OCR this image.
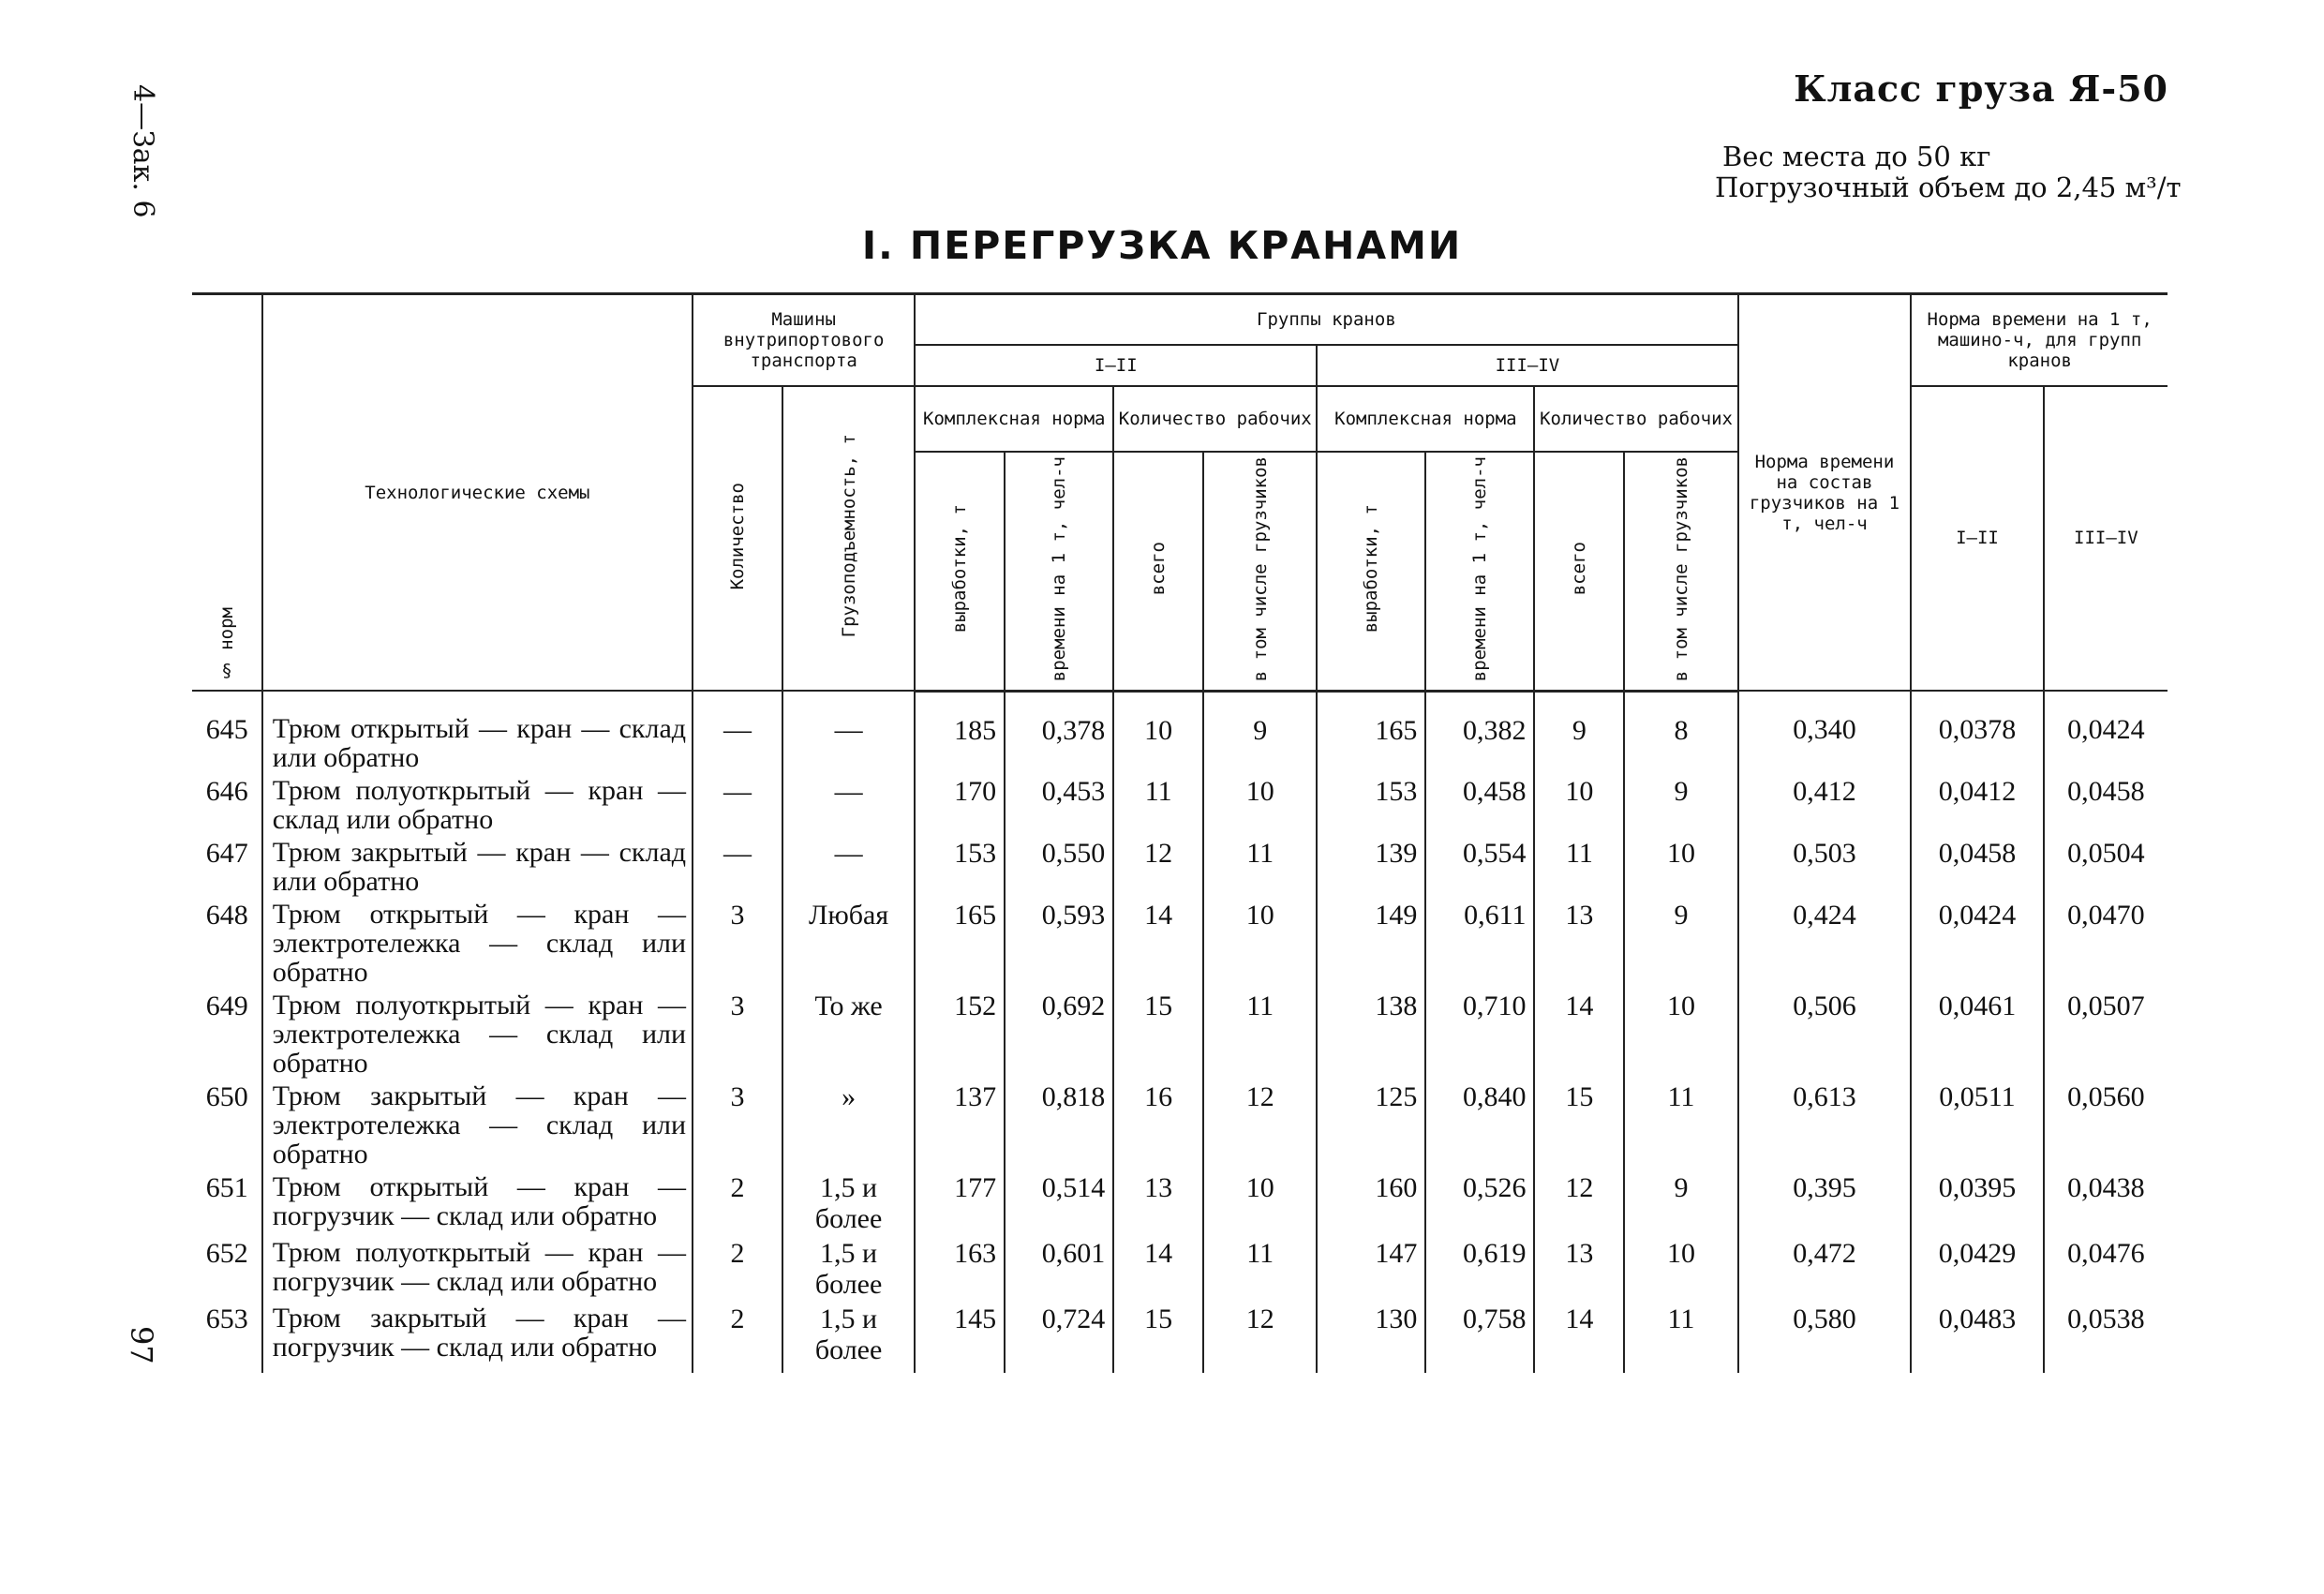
4—Зак. 6
97
Класс груза Я-50
Вес места до 50 кг
Погрузочный объем до 2,45 м³/т
I. ПЕРЕГРУЗКА КРАНАМИ
§ норм	Технологические схемы	Машины внутрипортового транспорта		Группы кранов								Норма времени на состав грузчиков на 1 т, чел-ч	Норма времени на 1 т, машино-ч, для групп кранов	
				I—II				III—IV						
		Количество	Грузоподъемность, т	Комплексная норма		Количество рабочих		Комплексная норма		Количество рабочих			I—II	III—IV
				выработки, т	времени на 1 т, чел-ч	всего	в том числе грузчиков	выработки, т	времени на 1 т, чел-ч	всего	в том числе грузчиков			
645	Трюм открытый — кран — склад или обратно	—	—	185	0,378	10	9	165	0,382	9	8	0,340	0,0378	0,0424
646	Трюм полуоткрытый — кран — склад или обратно	—	—	170	0,453	11	10	153	0,458	10	9	0,412	0,0412	0,0458
647	Трюм закрытый — кран — склад или обратно	—	—	153	0,550	12	11	139	0,554	11	10	0,503	0,0458	0,0504
648	Трюм открытый — кран — электротележка — склад или обратно	3	Любая	165	0,593	14	10	149	0,611	13	9	0,424	0,0424	0,0470
649	Трюм полуоткрытый — кран — электротележка — склад или обратно	3	То же	152	0,692	15	11	138	0,710	14	10	0,506	0,0461	0,0507
650	Трюм закрытый — кран — электротележка — склад или обратно	3	»	137	0,818	16	12	125	0,840	15	11	0,613	0,0511	0,0560
651	Трюм открытый — кран — погрузчик — склад или обратно	2	1,5 и более	177	0,514	13	10	160	0,526	12	9	0,395	0,0395	0,0438
652	Трюм полуоткрытый — кран — погрузчик — склад или обратно	2	1,5 и более	163	0,601	14	11	147	0,619	13	10	0,472	0,0429	0,0476
653	Трюм закрытый — кран — погрузчик — склад или обратно	2	1,5 и более	145	0,724	15	12	130	0,758	14	11	0,580	0,0483	0,0538
